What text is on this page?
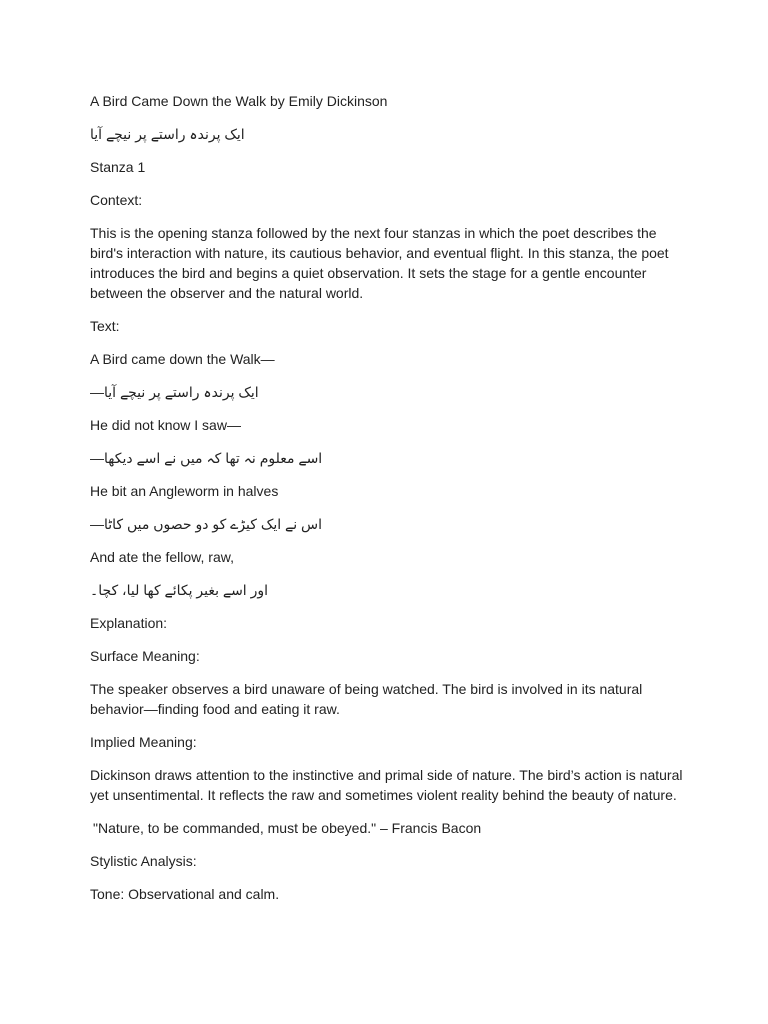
A Bird Came Down the Walk by Emily Dickinson

ایک پرندہ راستے پر نیچے آیا

Stanza 1

Context:

This is the opening stanza followed by the next four stanzas in which the poet describes the bird's interaction with nature, its cautious behavior, and eventual flight. In this stanza, the poet introduces the bird and begins a quiet observation. It sets the stage for a gentle encounter between the observer and the natural world.

Text:

A Bird came down the Walk—

ایک پرندہ راستے پر نیچے آیا—

He did not know I saw—

اسے معلوم نہ تھا کہ میں نے اسے دیکھا—

He bit an Angleworm in halves

اس نے ایک کیڑے کو دو حصوں میں کاٹا—

And ate the fellow, raw,

اور اسے بغیر پکائے کھا لیا، کچا۔

Explanation:

Surface Meaning:

The speaker observes a bird unaware of being watched. The bird is involved in its natural behavior—finding food and eating it raw.

Implied Meaning:

Dickinson draws attention to the instinctive and primal side of nature. The bird’s action is natural yet unsentimental. It reflects the raw and sometimes violent reality behind the beauty of nature.

"Nature, to be commanded, must be obeyed." – Francis Bacon

Stylistic Analysis:

Tone: Observational and calm.
